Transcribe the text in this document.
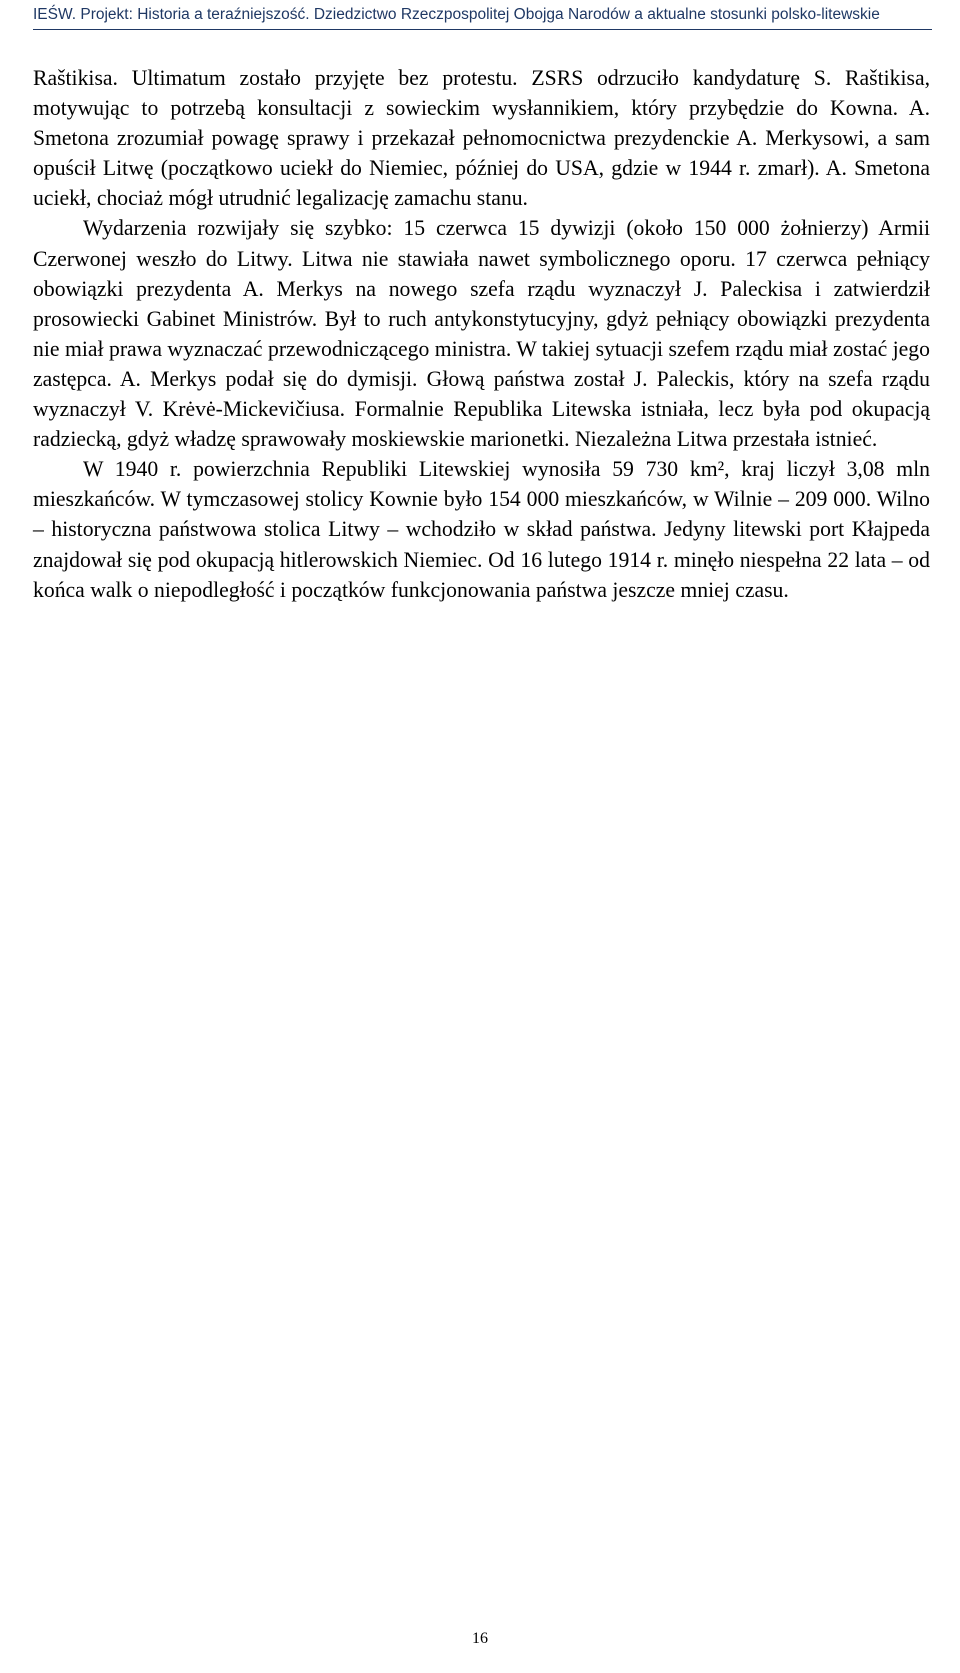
IEŚW. Projekt: Historia a teraźniejszość. Dziedzictwo Rzeczpospolitej Obojga Narodów a aktualne stosunki polsko-litewskie

Raštikisa. Ultimatum zostało przyjęte bez protestu. ZSRS odrzuciło kandydaturę S. Raštikisa, motywując to potrzebą konsultacji z sowieckim wysłannikiem, który przybędzie do Kowna. A. Smetona zrozumiał powagę sprawy i przekazał pełnomocnictwa prezydenckie A. Merkysowi, a sam opuścił Litwę (początkowo uciekł do Niemiec, później do USA, gdzie w 1944 r. zmarł). A. Smetona uciekł, chociaż mógł utrudnić legalizację zamachu stanu.

Wydarzenia rozwijały się szybko: 15 czerwca 15 dywizji (około 150 000 żołnierzy) Armii Czerwonej weszło do Litwy. Litwa nie stawiała nawet symbolicznego oporu. 17 czerwca pełniący obowiązki prezydenta A. Merkys na nowego szefa rządu wyznaczył J. Paleckisa i zatwierdził prosowiecki Gabinet Ministrów. Był to ruch antykonstytucyjny, gdyż pełniący obowiązki prezydenta nie miał prawa wyznaczać przewodniczącego ministra. W takiej sytuacji szefem rządu miał zostać jego zastępca. A. Merkys podał się do dymisji. Głową państwa został J. Paleckis, który na szefa rządu wyznaczył V. Krėvė-Mickevičiusa. Formalnie Republika Litewska istniała, lecz była pod okupacją radziecką, gdyż władzę sprawowały moskiewskie marionetki. Niezależna Litwa przestała istnieć.

W 1940 r. powierzchnia Republiki Litewskiej wynosiła 59 730 km², kraj liczył 3,08 mln mieszkańców. W tymczasowej stolicy Kownie było 154 000 mieszkańców, w Wilnie – 209 000. Wilno – historyczna państwowa stolica Litwy – wchodziło w skład państwa. Jedyny litewski port Kłajpeda znajdował się pod okupacją hitlerowskich Niemiec. Od 16 lutego 1914 r. minęło niespełna 22 lata – od końca walk o niepodległość i początków funkcjonowania państwa jeszcze mniej czasu.

16
